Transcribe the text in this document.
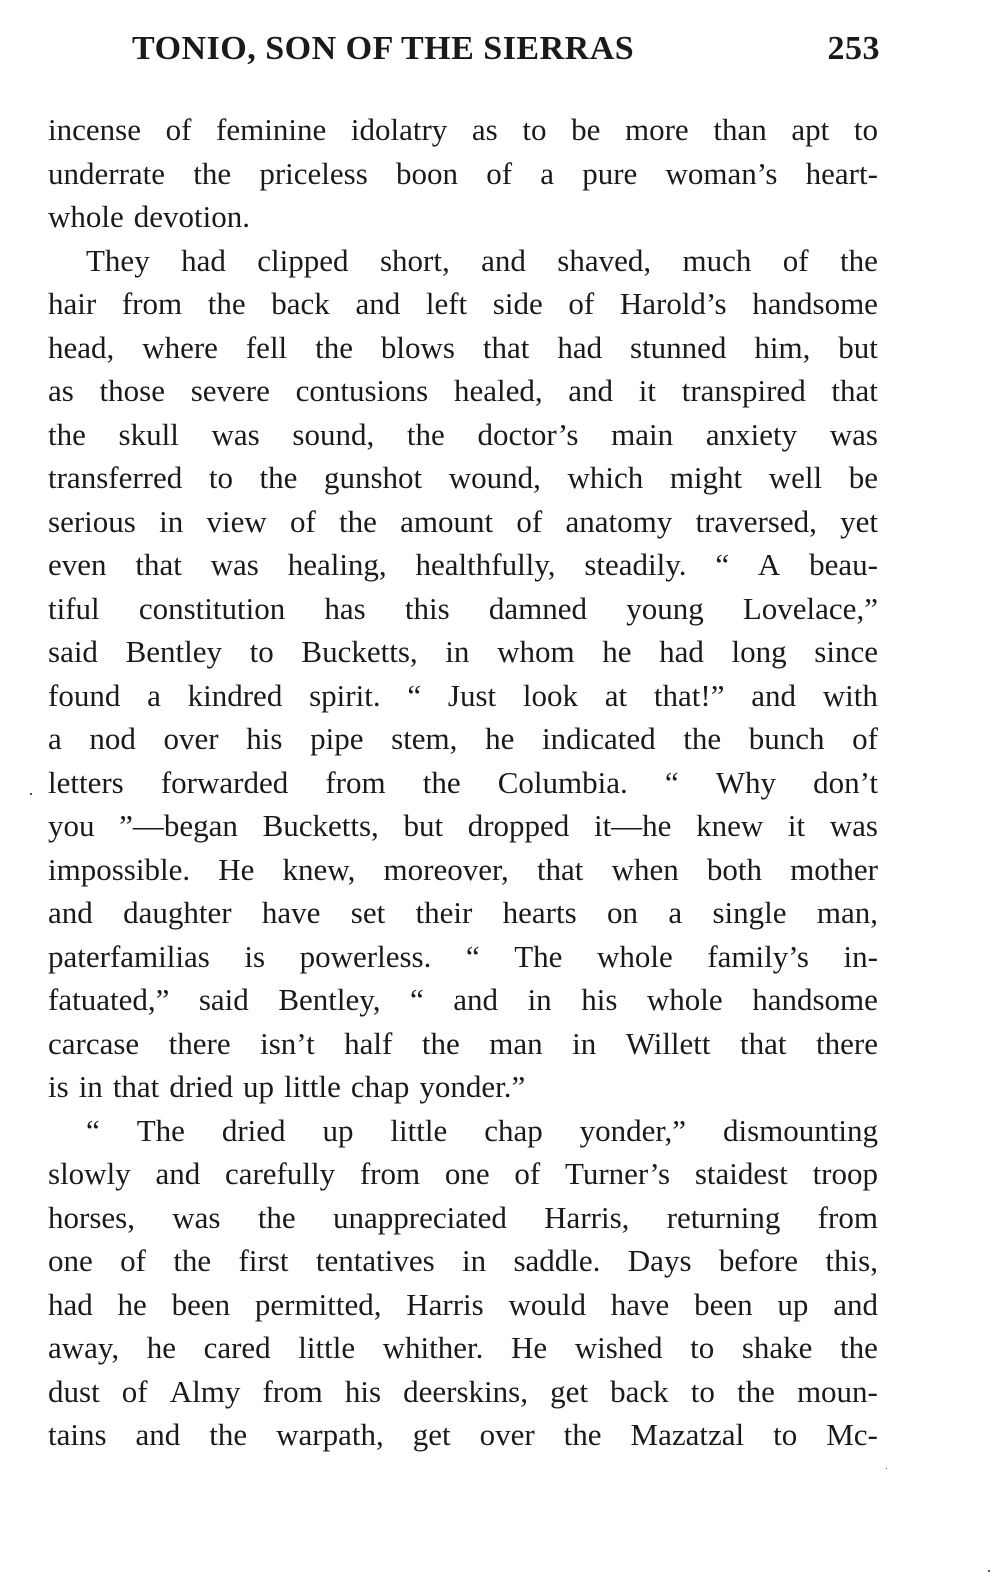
TONIO, SON OF THE SIERRAS	253
incense of feminine idolatry as to be more than apt to
underrate the priceless boon of a pure woman’s heart-
whole devotion.
They had clipped short, and shaved, much of the
hair from the back and left side of Harold’s handsome
head, where fell the blows that had stunned him, but
as those severe contusions healed, and it transpired that
the skull was sound, the doctor’s main anxiety was
transferred to the gunshot wound, which might well be
serious in view of the amount of anatomy traversed, yet
even that was healing, healthfully, steadily. “ A beau-
tiful constitution has this damned young Lovelace,”
said Bentley to Bucketts, in whom he had long since
found a kindred spirit. “ Just look at that!” and with
a nod over his pipe stem, he indicated the bunch of
letters forwarded from the Columbia. “ Why don’t
you ”—began Bucketts, but dropped it—he knew it was
impossible. He knew, moreover, that when both mother
and daughter have set their hearts on a single man,
paterfamilias is powerless. “ The whole family’s in-
fatuated,” said Bentley, “ and in his whole handsome
carcase there isn’t half the man in Willett that there
is in that dried up little chap yonder.”
“ The dried up little chap yonder,” dismounting
slowly and carefully from one of Turner’s staidest troop
horses, was the unappreciated Harris, returning from
one of the first tentatives in saddle. Days before this,
had he been permitted, Harris would have been up and
away, he cared little whither. He wished to shake the
dust of Almy from his deerskins, get back to the moun-
tains and the warpath, get over the Mazatzal to Mc-
